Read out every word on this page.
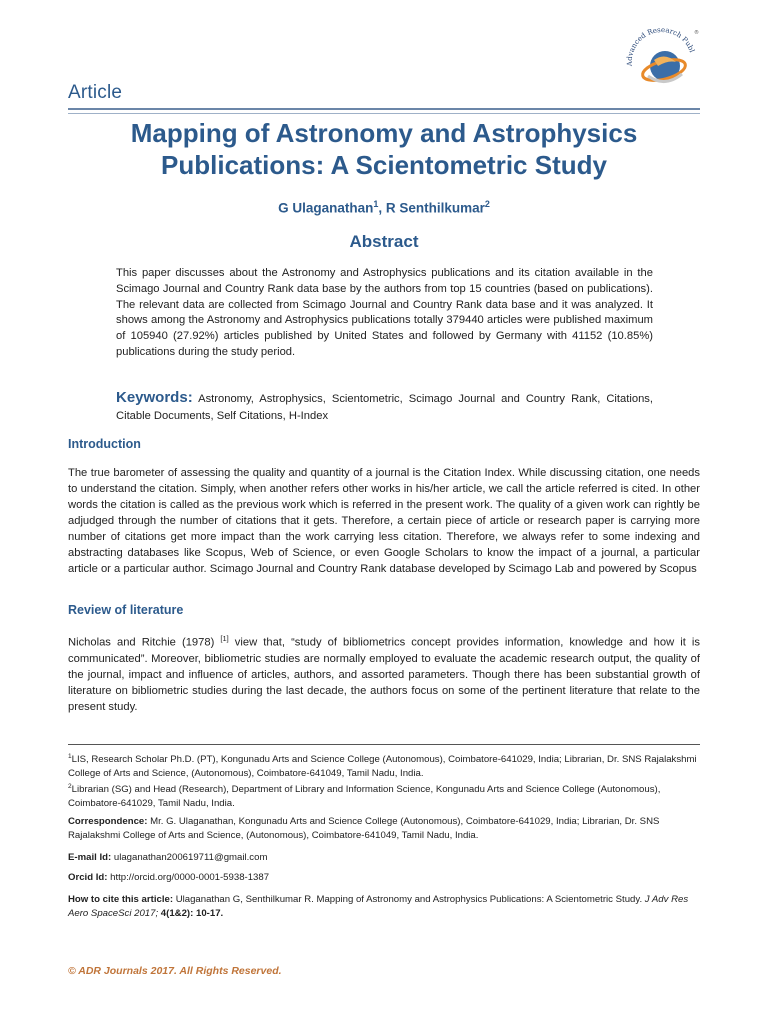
Advanced Research Publ
®
Article
Mapping of Astronomy and Astrophysics
Publications: A Scientometric Study
G Ulaganathan$^1$, R Senthilkumar$^2$
Abstract
This paper discusses about the Astronomy and Astrophysics publications and its citation available in the Scimago Journal and Country Rank data base by the authors from top 15 countries (based on publications). The relevant data are collected from Scimago Journal and Country Rank data base and it was analyzed. It shows among the Astronomy and Astrophysics publications totally 379440 articles were published maximum of 105940 (27.92%) articles published by United States and followed by Germany with 41152 (10.85%) publications during the study period.
Keywords: Astronomy, Astrophysics, Scientometric, Scimago Journal and Country Rank, Citations, Citable Documents, Self Citations, H-Index
Introduction
The true barometer of assessing the quality and quantity of a journal is the Citation Index. While discussing citation, one needs to understand the citation. Simply, when another refers other works in his/her article, we call the article referred is cited. In other words the citation is called as the previous work which is referred in the present work. The quality of a given work can rightly be adjudged through the number of citations that it gets. Therefore, a certain piece of article or research paper is carrying more number of citations get more impact than the work carrying less citation. Therefore, we always refer to some indexing and abstracting databases like Scopus, Web of Science, or even Google Scholars to know the impact of a journal, a particular article or a particular author. Scimago Journal and Country Rank database developed by Scimago Lab and powered by Scopus
Review of literature
Nicholas and Ritchie (1978) [1] view that, “study of bibliometrics concept provides information, knowledge and how it is communicated”. Moreover, bibliometric studies are normally employed to evaluate the academic research output, the quality of the journal, impact and influence of articles, authors, and assorted parameters. Though there has been substantial growth of literature on bibliometric studies during the last decade, the authors focus on some of the pertinent literature that relate to the present study.
$^1$LIS, Research Scholar Ph.D. (PT), Kongunadu Arts and Science College (Autonomous), Coimbatore-641029, India; Librarian, Dr. SNS Rajalakshmi College of Arts and Science, (Autonomous), Coimbatore-641049, Tamil Nadu, India.
$^2$Librarian (SG) and Head (Research), Department of Library and Information Science, Kongunadu Arts and Science College (Autonomous), Coimbatore-641029, Tamil Nadu, India.
Correspondence: Mr. G. Ulaganathan, Kongunadu Arts and Science College (Autonomous), Coimbatore-641029, India; Librarian, Dr. SNS Rajalakshmi College of Arts and Science, (Autonomous), Coimbatore-641049, Tamil Nadu, India.
E-mail Id: ulaganathan200619711@gmail.com
Orcid Id: http://orcid.org/0000-0001-5938-1387
How to cite this article: Ulaganathan G, Senthilkumar R. Mapping of Astronomy and Astrophysics Publications: A Scientometric Study. J Adv Res Aero SpaceSci 2017; 4(1&2): 10-17.
© ADR Journals 2017. All Rights Reserved.
